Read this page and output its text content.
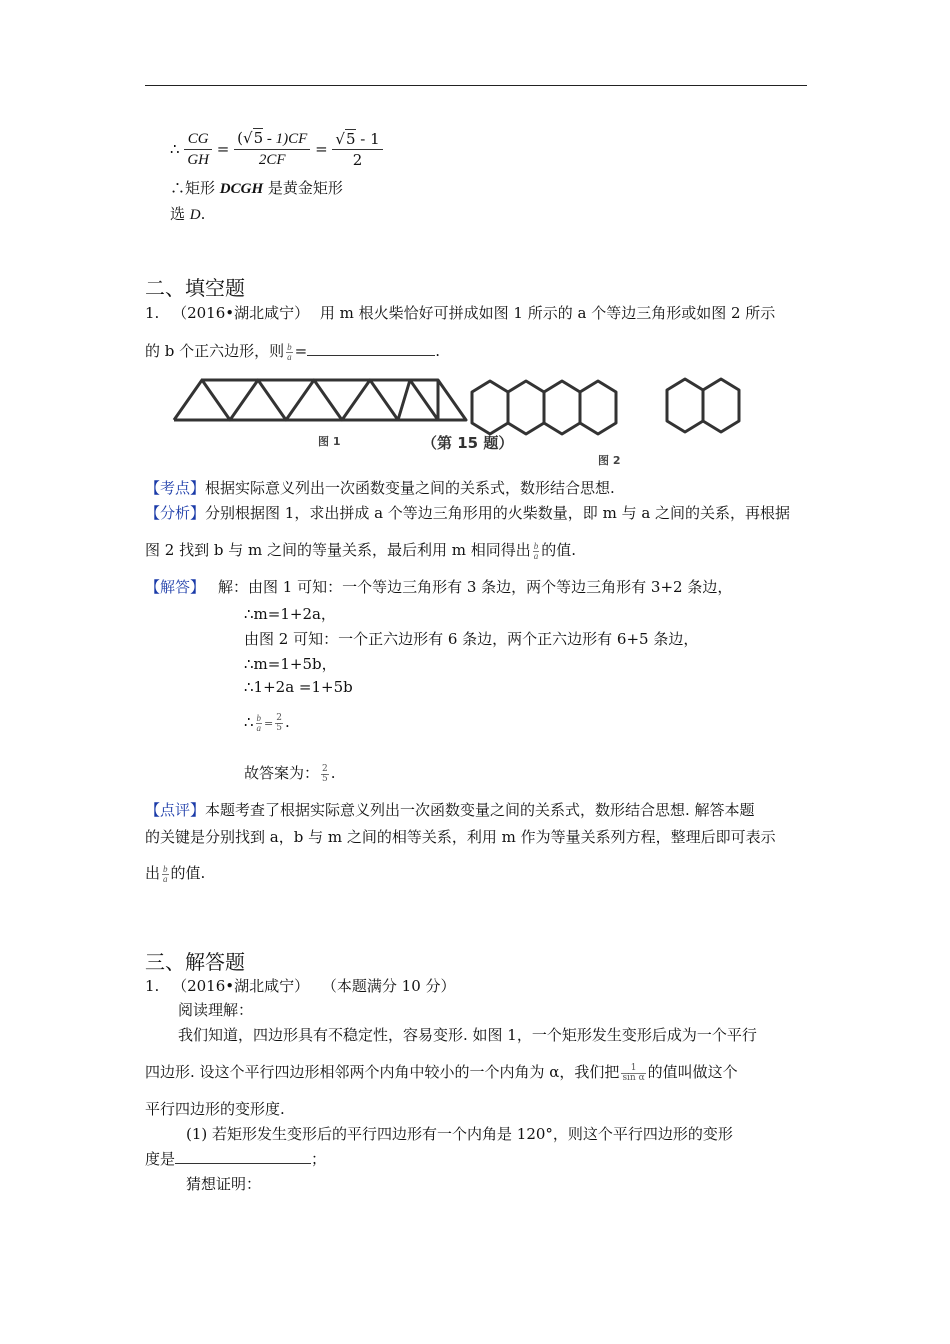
∴ $\frac{CG}{GH} = \frac{(√5 - 1)CF}{2CF} = \frac{√5 - 1}{2}$
∴矩形 DCGH 是黄金矩形
选 D.
二、填空题
1. （2016•湖北咸宁） 用 m 根火柴恰好可拼成如图 1 所示的 a 个等边三角形或如图 2 所示
的 b 个正六边形，则 $\frac{b}{a}$ =	.
图 1	（第 15 题）
图 2
【考点】根据实际意义列出一次函数变量之间的关系式，数形结合思想.
【分析】分别根据图 1，求出拼成 a 个等边三角形用的火柴数量，即 m 与 a 之间的关系，再根据
图 2 找到 b 与 m 之间的等量关系，最后利用 m 相同得出 $\frac{b}{a}$ 的值.
【解答】 解：由图 1 可知：一个等边三角形有 3 条边，两个等边三角形有 3+2 条边，
∴m=1+2a，
由图 2 可知：一个正六边形有 6 条边，两个正六边形有 6+5 条边，
∴m=1+5b，
∴1+2a =1+5b
∴ $\frac{b}{a} = \frac{2}{5}$ .
故答案为： $\frac{2}{5}$ .
【点评】本题考查了根据实际意义列出一次函数变量之间的关系式，数形结合思想. 解答本题
的关键是分别找到 a，b 与 m 之间的相等关系，利用 m 作为等量关系列方程，整理后即可表示
出 $\frac{b}{a}$ 的值.
三、解答题
1. （2016•湖北咸宁） （本题满分 10 分）
阅读理解：
我们知道，四边形具有不稳定性，容易变形. 如图 1，一个矩形发生变形后成为一个平行
四边形. 设这个平行四边形相邻两个内角中较小的一个内角为 α，我们把 $\frac{1}{\text{sin α}}$ 的值叫做这个
平行四边形的变形度.
(1) 若矩形发生变形后的平行四边形有一个内角是 120°，则这个平行四边形的变形
度是	；
猜想证明：
